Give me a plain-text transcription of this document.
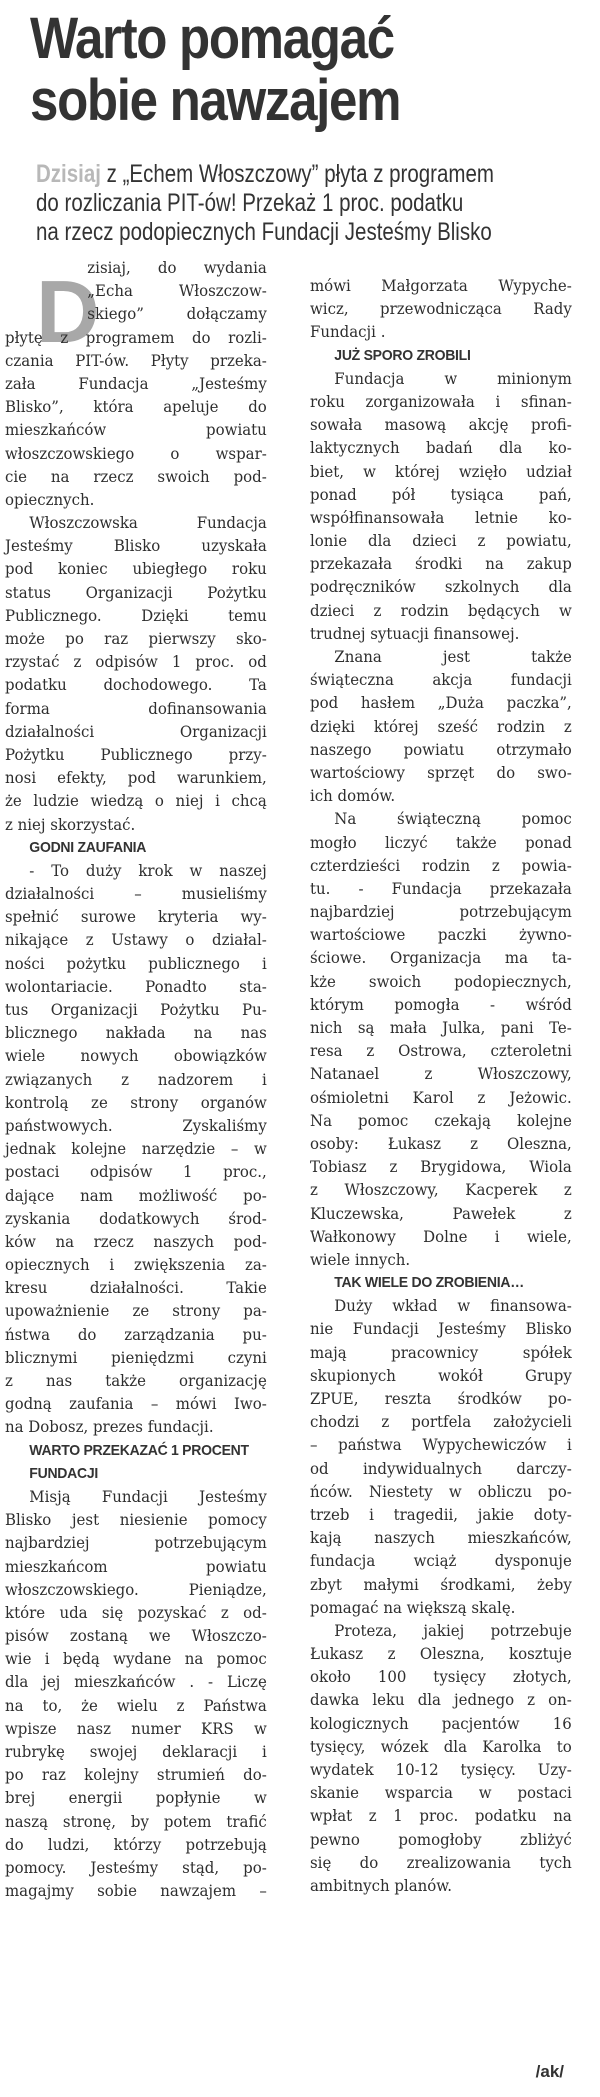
Warto pomagać
sobie nawzajem
Dzisiaj z „Echem Włoszczowy” płyta z programem
do rozliczania PIT-ów! Przekaż 1 proc. podatku
na rzecz podopiecznych Fundacji Jesteśmy Blisko
D
zisiaj, do wydania
„Echa Włoszczow-
skiego” dołączamy
płytę z programem do rozli-
czania PIT-ów. Płyty przeka-
zała Fundacja „Jesteśmy
Blisko”, która apeluje do
mieszkańców powiatu
włoszczowskiego o wspar-
cie na rzecz swoich pod-
opiecznych.
Włoszczowska Fundacja
Jesteśmy Blisko uzyskała
pod koniec ubiegłego roku
status Organizacji Pożytku
Publicznego. Dzięki temu
może po raz pierwszy sko-
rzystać z odpisów 1 proc. od
podatku dochodowego. Ta
forma dofinansowania
działalności Organizacji
Pożytku Publicznego przy-
nosi efekty, pod warunkiem,
że ludzie wiedzą o niej i chcą
z niej skorzystać.
GODNI ZAUFANIA
- To duży krok w naszej
działalności – musieliśmy
spełnić surowe kryteria wy-
nikające z Ustawy o działal-
ności pożytku publicznego i
wolontariacie. Ponadto sta-
tus Organizacji Pożytku Pu-
blicznego nakłada na nas
wiele nowych obowiązków
związanych z nadzorem i
kontrolą ze strony organów
państwowych. Zyskaliśmy
jednak kolejne narzędzie – w
postaci odpisów 1 proc.,
dające nam możliwość po-
zyskania dodatkowych środ-
ków na rzecz naszych pod-
opiecznych i zwiększenia za-
kresu działalności. Takie
upoważnienie ze strony pa-
ństwa do zarządzania pu-
blicznymi pieniędzmi czyni
z nas także organizację
godną zaufania – mówi Iwo-
na Dobosz, prezes fundacji.
WARTO PRZEKAZAĆ 1 PROCENT
FUNDACJI
Misją Fundacji Jesteśmy
Blisko jest niesienie pomocy
najbardziej potrzebującym
mieszkańcom powiatu
włoszczowskiego. Pieniądze,
które uda się pozyskać z od-
pisów zostaną we Włoszczo-
wie i będą wydane na pomoc
dla jej mieszkańców . - Liczę
na to, że wielu z Państwa
wpisze nasz numer KRS w
rubrykę swojej deklaracji i
po raz kolejny strumień do-
brej energii popłynie w
naszą stronę, by potem trafić
do ludzi, którzy potrzebują
pomocy. Jesteśmy stąd, po-
magajmy sobie nawzajem –
mówi Małgorzata Wypyche-
wicz, przewodnicząca Rady
Fundacji .
JUŻ SPORO ZROBILI
Fundacja w minionym
roku zorganizowała i sfinan-
sowała masową akcję profi-
laktycznych badań dla ko-
biet, w której wzięło udział
ponad pół tysiąca pań,
współfinansowała letnie ko-
lonie dla dzieci z powiatu,
przekazała środki na zakup
podręczników szkolnych dla
dzieci z rodzin będących w
trudnej sytuacji finansowej.
Znana jest także
świąteczna akcja fundacji
pod hasłem „Duża paczka”,
dzięki której sześć rodzin z
naszego powiatu otrzymało
wartościowy sprzęt do swo-
ich domów.
Na świąteczną pomoc
mogło liczyć także ponad
czterdzieści rodzin z powia-
tu. - Fundacja przekazała
najbardziej potrzebującym
wartościowe paczki żywno-
ściowe. Organizacja ma ta-
kże swoich podopiecznych,
którym pomogła - wśród
nich są mała Julka, pani Te-
resa z Ostrowa, czteroletni
Natanael z Włoszczowy,
ośmioletni Karol z Jeżowic.
Na pomoc czekają kolejne
osoby: Łukasz z Oleszna,
Tobiasz z Brygidowa, Wiola
z Włoszczowy, Kacperek z
Kluczewska, Pawełek z
Wałkonowy Dolne i wiele,
wiele innych.
TAK WIELE DO ZROBIENIA…
Duży wkład w finansowa-
nie Fundacji Jesteśmy Blisko
mają pracownicy spółek
skupionych wokół Grupy
ZPUE, reszta środków po-
chodzi z portfela założycieli
– państwa Wypychewiczów i
od indywidualnych darczy-
ńców. Niestety w obliczu po-
trzeb i tragedii, jakie doty-
kają naszych mieszkańców,
fundacja wciąż dysponuje
zbyt małymi środkami, żeby
pomagać na większą skalę.
Proteza, jakiej potrzebuje
Łukasz z Oleszna, kosztuje
około 100 tysięcy złotych,
dawka leku dla jednego z on-
kologicznych pacjentów 16
tysięcy, wózek dla Karolka to
wydatek 10-12 tysięcy. Uzy-
skanie wsparcia w postaci
wpłat z 1 proc. podatku na
pewno pomogłoby zbliżyć
się do zrealizowania tych
ambitnych planów.
/ak/
